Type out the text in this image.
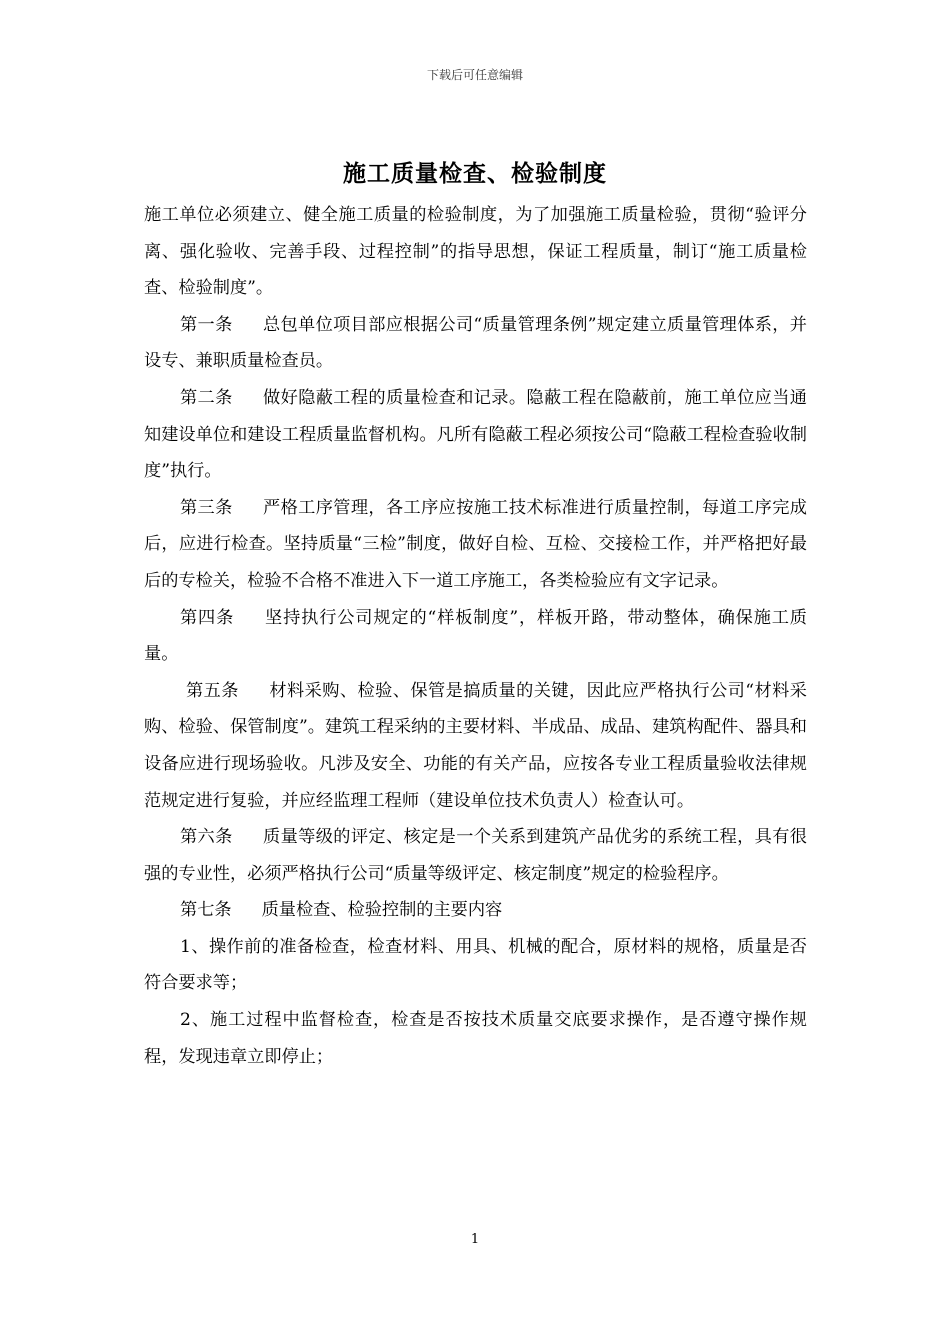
下载后可任意编辑
施工质量检查、检验制度

施工单位必须建立、健全施工质量的检验制度，为了加强施工质量检验，贯彻“验评分离、强化验收、完善手段、过程控制”的指导思想，保证工程质量，制订“施工质量检查、检验制度”。

第一条 总包单位项目部应根据公司“质量管理条例”规定建立质量管理体系，并设专、兼职质量检查员。

第二条 做好隐蔽工程的质量检查和记录。隐蔽工程在隐蔽前，施工单位应当通知建设单位和建设工程质量监督机构。凡所有隐蔽工程必须按公司“隐蔽工程检查验收制度”执行。

第三条 严格工序管理，各工序应按施工技术标准进行质量控制，每道工序完成后，应进行检查。坚持质量“三检”制度，做好自检、互检、交接检工作，并严格把好最后的专检关，检验不合格不准进入下一道工序施工，各类检验应有文字记录。

第四条 坚持执行公司规定的“样板制度”，样板开路，带动整体，确保施工质量。

第五条 材料采购、检验、保管是搞质量的关键，因此应严格执行公司“材料采购、检验、保管制度”。建筑工程采纳的主要材料、半成品、成品、建筑构配件、器具和设备应进行现场验收。凡涉及安全、功能的有关产品，应按各专业工程质量验收法律规范规定进行复验，并应经监理工程师（建设单位技术负责人）检查认可。

第六条 质量等级的评定、核定是一个关系到建筑产品优劣的系统工程，具有很强的专业性，必须严格执行公司“质量等级评定、核定制度”规定的检验程序。

第七条 质量检查、检验控制的主要内容

1、操作前的准备检查，检查材料、用具、机械的配合，原材料的规格，质量是否符合要求等；

2、施工过程中监督检查，检查是否按技术质量交底要求操作，是否遵守操作规程，发现违章立即停止；

1
